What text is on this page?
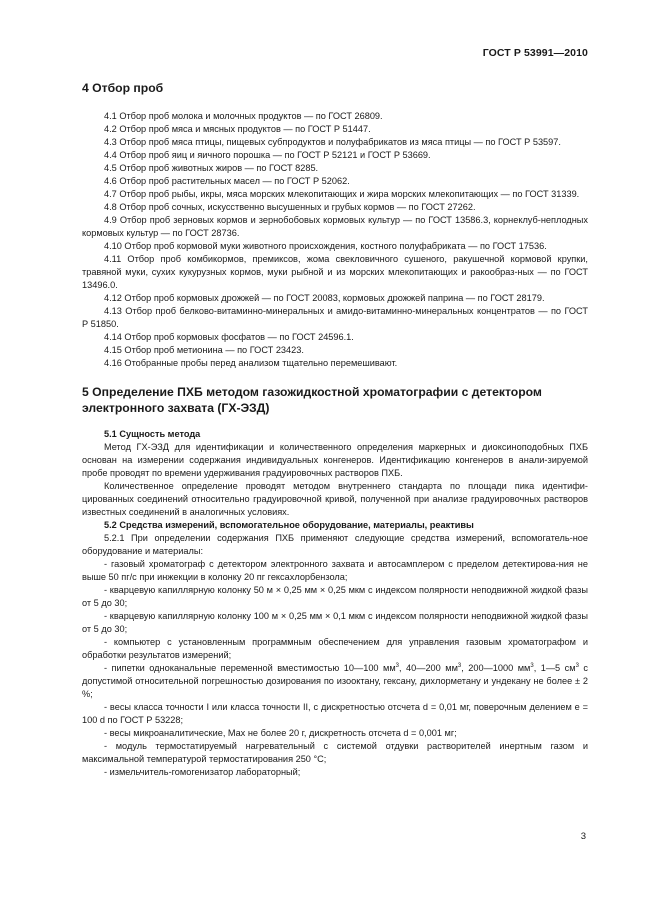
ГОСТ Р 53991—2010
4 Отбор проб

4.1 Отбор проб молока и молочных продуктов — по ГОСТ 26809.

4.2 Отбор проб мяса и мясных продуктов — по ГОСТ Р 51447.

4.3 Отбор проб мяса птицы, пищевых субпродуктов и полуфабрикатов из мяса птицы — по ГОСТ Р 53597.

4.4 Отбор проб яиц и яичного порошка — по ГОСТ Р 52121 и ГОСТ Р 53669.

4.5 Отбор проб животных жиров — по ГОСТ 8285.

4.6 Отбор проб растительных масел — по ГОСТ Р 52062.

4.7 Отбор проб рыбы, икры, мяса морских млекопитающих и жира морских млекопитающих — по ГОСТ 31339.

4.8 Отбор проб сочных, искусственно высушенных и грубых кормов — по ГОСТ 27262.

4.9 Отбор проб зерновых кормов и зернобобовых кормовых культур — по ГОСТ 13586.3, корнеклуб-неплодных кормовых культур — по ГОСТ 28736.

4.10 Отбор проб кормовой муки животного происхождения, костного полуфабриката — по ГОСТ 17536.

4.11 Отбор проб комбикормов, премиксов, жома свекловичного сушеного, ракушечной кормовой крупки, травяной муки, сухих кукурузных кормов, муки рыбной и из морских млекопитающих и ракообраз-ных — по ГОСТ 13496.0.

4.12 Отбор проб кормовых дрожжей — по ГОСТ 20083, кормовых дрожжей паприна — по ГОСТ 28179.

4.13 Отбор проб белково-витаминно-минеральных и амидо-витаминно-минеральных концентратов — по ГОСТ Р 51850.

4.14 Отбор проб кормовых фосфатов — по ГОСТ 24596.1.

4.15 Отбор проб метионина — по ГОСТ 23423.

4.16 Отобранные пробы перед анализом тщательно перемешивают.

5 Определение ПХБ методом газожидкостной хроматографии с детектором электронного захвата (ГХ-ЭЗД)

5.1 Сущность метода

Метод ГХ-ЭЗД для идентификации и количественного определения маркерных и диоксиноподобных ПХБ основан на измерении содержания индивидуальных конгенеров. Идентификацию конгенеров в анали-зируемой пробе проводят по времени удерживания градуировочных растворов ПХБ.

Количественное определение проводят методом внутреннего стандарта по площади пика идентифи-цированных соединений относительно градуировочной кривой, полученной при анализе градуировочных растворов известных соединений в аналогичных условиях.

5.2 Средства измерений, вспомогательное оборудование, материалы, реактивы

5.2.1 При определении содержания ПХБ применяют следующие средства измерений, вспомогатель-ное оборудование и материалы:

- газовый хроматограф с детектором электронного захвата и автосамплером с пределом детектирова-ния не выше 50 пг/с при инжекции в колонку 20 пг гексахлорбензола;

- кварцевую капиллярную колонку 50 м × 0,25 мм × 0,25 мкм с индексом полярности неподвижной жидкой фазы от 5 до 30;

- кварцевую капиллярную колонку 100 м × 0,25 мм × 0,1 мкм с индексом полярности неподвижной жидкой фазы от 5 до 30;

- компьютер с установленным программным обеспечением для управления газовым хроматографом и обработки результатов измерений;

- пипетки одноканальные переменной вместимостью 10—100 $мм^3$, 40—200 $мм^3$, 200—1000 $мм^3$, 1—5 $см^3$ с допустимой относительной погрешностью дозирования по изооктану, гексану, дихлорметану и ундекану не более ± 2 %;

- весы класса точности I или класса точности II, с дискретностью отсчета d = 0,01 мг, поверочным делением e = 100 d по ГОСТ Р 53228;

- весы микроаналитические, Max не более 20 г, дискретность отсчета d = 0,001 мг;

- модуль термостатируемый нагревательный с системой отдувки растворителей инертным газом и максимальной температурой термостатирования 250 °С;

- измельчитель-гомогенизатор лабораторный;

3
